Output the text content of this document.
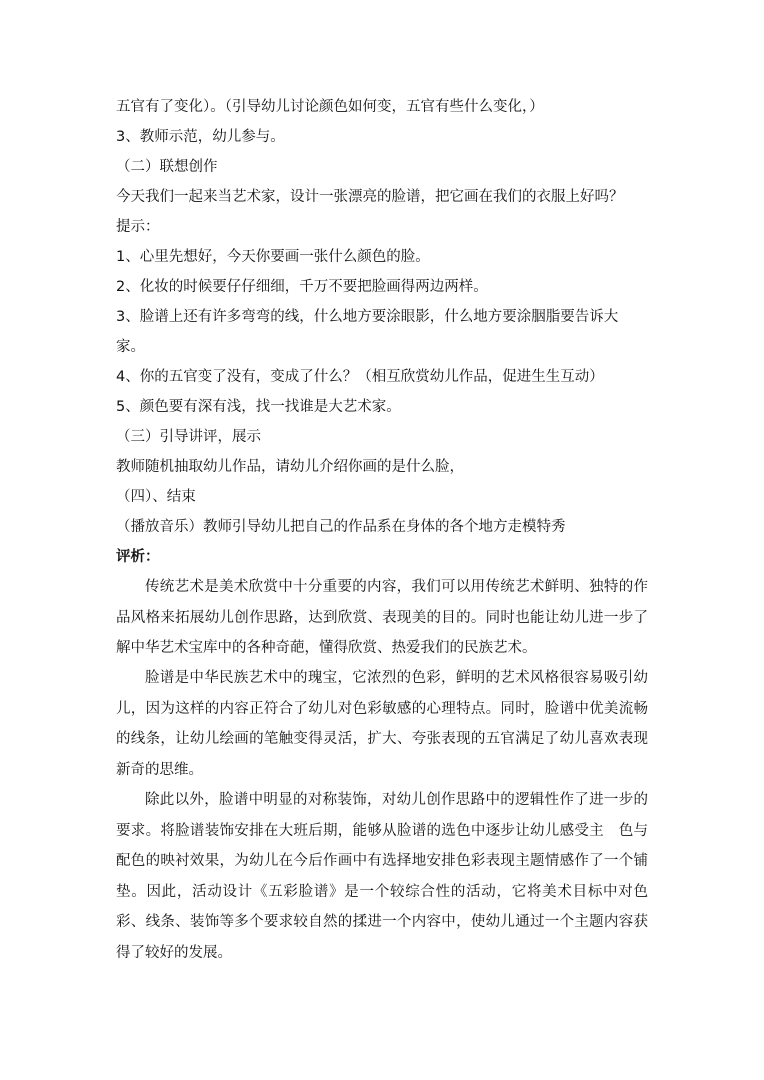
五官有了变化）。（引导幼儿讨论颜色如何变，五官有些什么变化，）
3、教师示范，幼儿参与。
（二）联想创作
今天我们一起来当艺术家，设计一张漂亮的脸谱，把它画在我们的衣服上好吗？
提示：
1、心里先想好，今天你要画一张什么颜色的脸。
2、化妆的时候要仔仔细细，千万不要把脸画得两边两样。
3、脸谱上还有许多弯弯的线，什么地方要涂眼影，什么地方要涂胭脂要告诉大
家。
4、你的五官变了没有，变成了什么？（相互欣赏幼儿作品，促进生生互动）
5、颜色要有深有浅，找一找谁是大艺术家。
（三）引导讲评，展示
教师随机抽取幼儿作品，请幼儿介绍你画的是什么脸，
（四）、结束
（播放音乐）教师引导幼儿把自己的作品系在身体的各个地方走模特秀
评析：

传统艺术是美术欣赏中十分重要的内容，我们可以用传统艺术鲜明、独特的作品风格来拓展幼儿创作思路，达到欣赏、表现美的目的。同时也能让幼儿进一步了解中华艺术宝库中的各种奇葩，懂得欣赏、热爱我们的民族艺术。

脸谱是中华民族艺术中的瑰宝，它浓烈的色彩，鲜明的艺术风格很容易吸引幼儿，因为这样的内容正符合了幼儿对色彩敏感的心理特点。同时，脸谱中优美流畅的线条，让幼儿绘画的笔触变得灵活，扩大、夸张表现的五官满足了幼儿喜欢表现新奇的思维。

除此以外，脸谱中明显的对称装饰，对幼儿创作思路中的逻辑性作了进一步的要求。将脸谱装饰安排在大班后期，能够从脸谱的选色中逐步让幼儿感受主　色与配色的映衬效果，为幼儿在今后作画中有选择地安排色彩表现主题情感作了一个铺垫。因此，活动设计《五彩脸谱》是一个较综合性的活动，它将美术目标中对色彩、线条、装饰等多个要求较自然的揉进一个内容中，使幼儿通过一个主题内容获得了较好的发展。
